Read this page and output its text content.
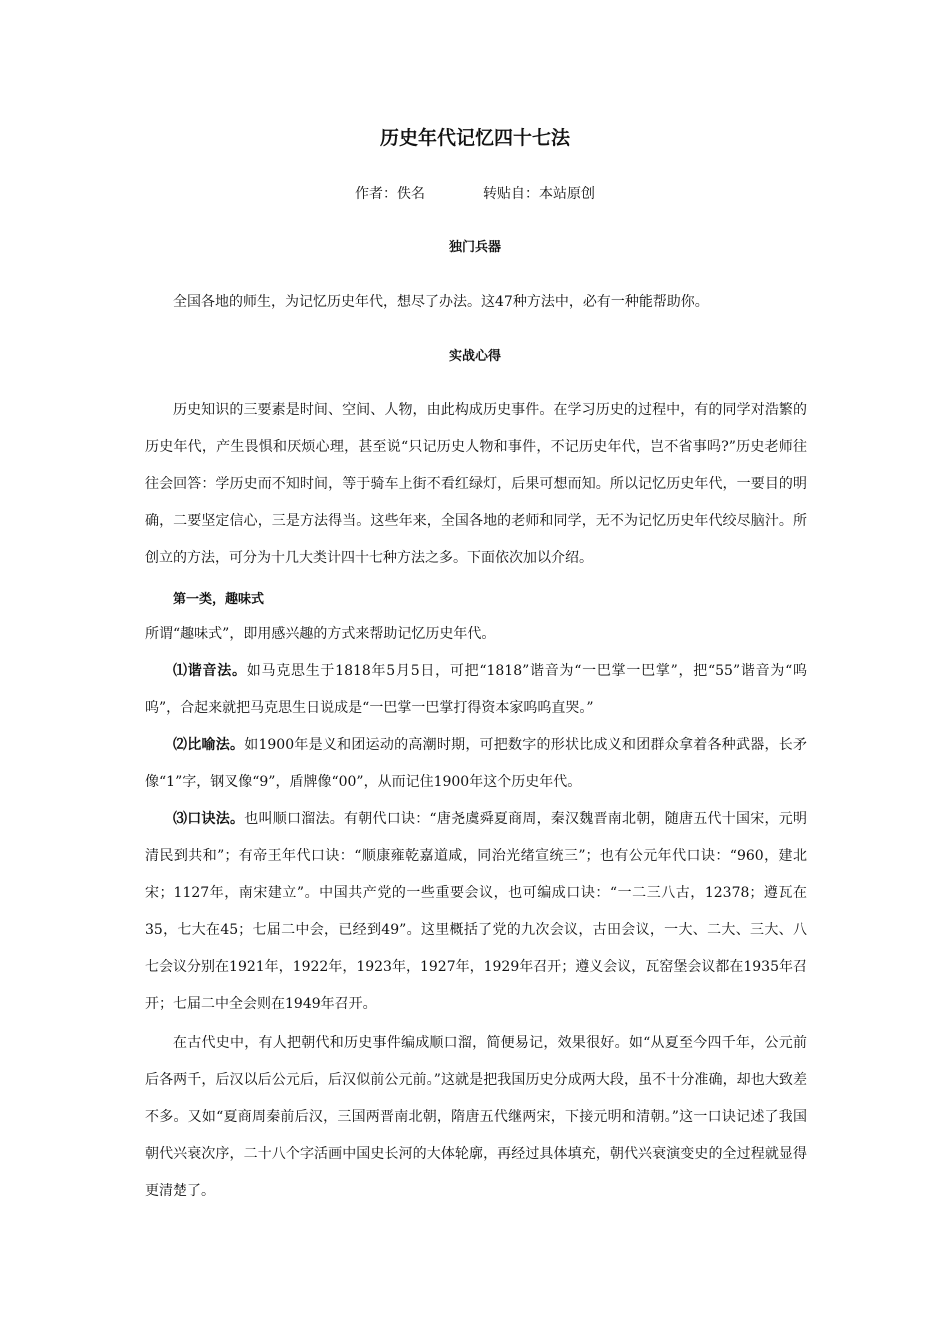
历史年代记忆四十七法
作者：佚名	转贴自：本站原创
独门兵器

全国各地的师生，为记忆历史年代，想尽了办法。这47种方法中，必有一种能帮助你。

实战心得

历史知识的三要素是时间、空间、人物，由此构成历史事件。在学习历史的过程中，有的同学对浩繁的历史年代，产生畏惧和厌烦心理，甚至说“只记历史人物和事件，不记历史年代，岂不省事吗?”历史老师往往会回答：学历史而不知时间，等于骑车上街不看红绿灯，后果可想而知。所以记忆历史年代，一要目的明确，二要坚定信心，三是方法得当。这些年来，全国各地的老师和同学，无不为记忆历史年代绞尽脑汁。所创立的方法，可分为十几大类计四十七种方法之多。下面依次加以介绍。

第一类，趣味式

所谓“趣味式”，即用感兴趣的方式来帮助记忆历史年代。

⑴谐音法。如马克思生于1818年5月5日，可把“1818”谐音为“一巴掌一巴掌”，把“55”谐音为“呜呜”，合起来就把马克思生日说成是“一巴掌一巴掌打得资本家呜呜直哭。”

⑵比喻法。如1900年是义和团运动的高潮时期，可把数字的形状比成义和团群众拿着各种武器，长矛像“1”字，钢叉像“9”，盾牌像“00”，从而记住1900年这个历史年代。

⑶口诀法。也叫顺口溜法。有朝代口诀：“唐尧虞舜夏商周，秦汉魏晋南北朝，随唐五代十国宋，元明清民到共和”；有帝王年代口诀：“顺康雍乾嘉道咸，同治光绪宣统三”；也有公元年代口诀：“960，建北宋；1127年，南宋建立”。中国共产党的一些重要会议，也可编成口诀：“一二三八古，12378；遵瓦在35，七大在45；七届二中会，已经到49”。这里概括了党的九次会议，古田会议，一大、二大、三大、八七会议分别在1921年，1922年，1923年，1927年，1929年召开；遵义会议，瓦窑堡会议都在1935年召开；七届二中全会则在1949年召开。

在古代史中，有人把朝代和历史事件编成顺口溜，简便易记，效果很好。如“从夏至今四千年，公元前后各两千，后汉以后公元后，后汉似前公元前。”这就是把我国历史分成两大段，虽不十分准确，却也大致差不多。又如“夏商周秦前后汉，三国两晋南北朝，隋唐五代继两宋，下接元明和清朝。”这一口诀记述了我国朝代兴衰次序，二十八个字活画中国史长河的大体轮廓，再经过具体填充，朝代兴衰演变史的全过程就显得更清楚了。
